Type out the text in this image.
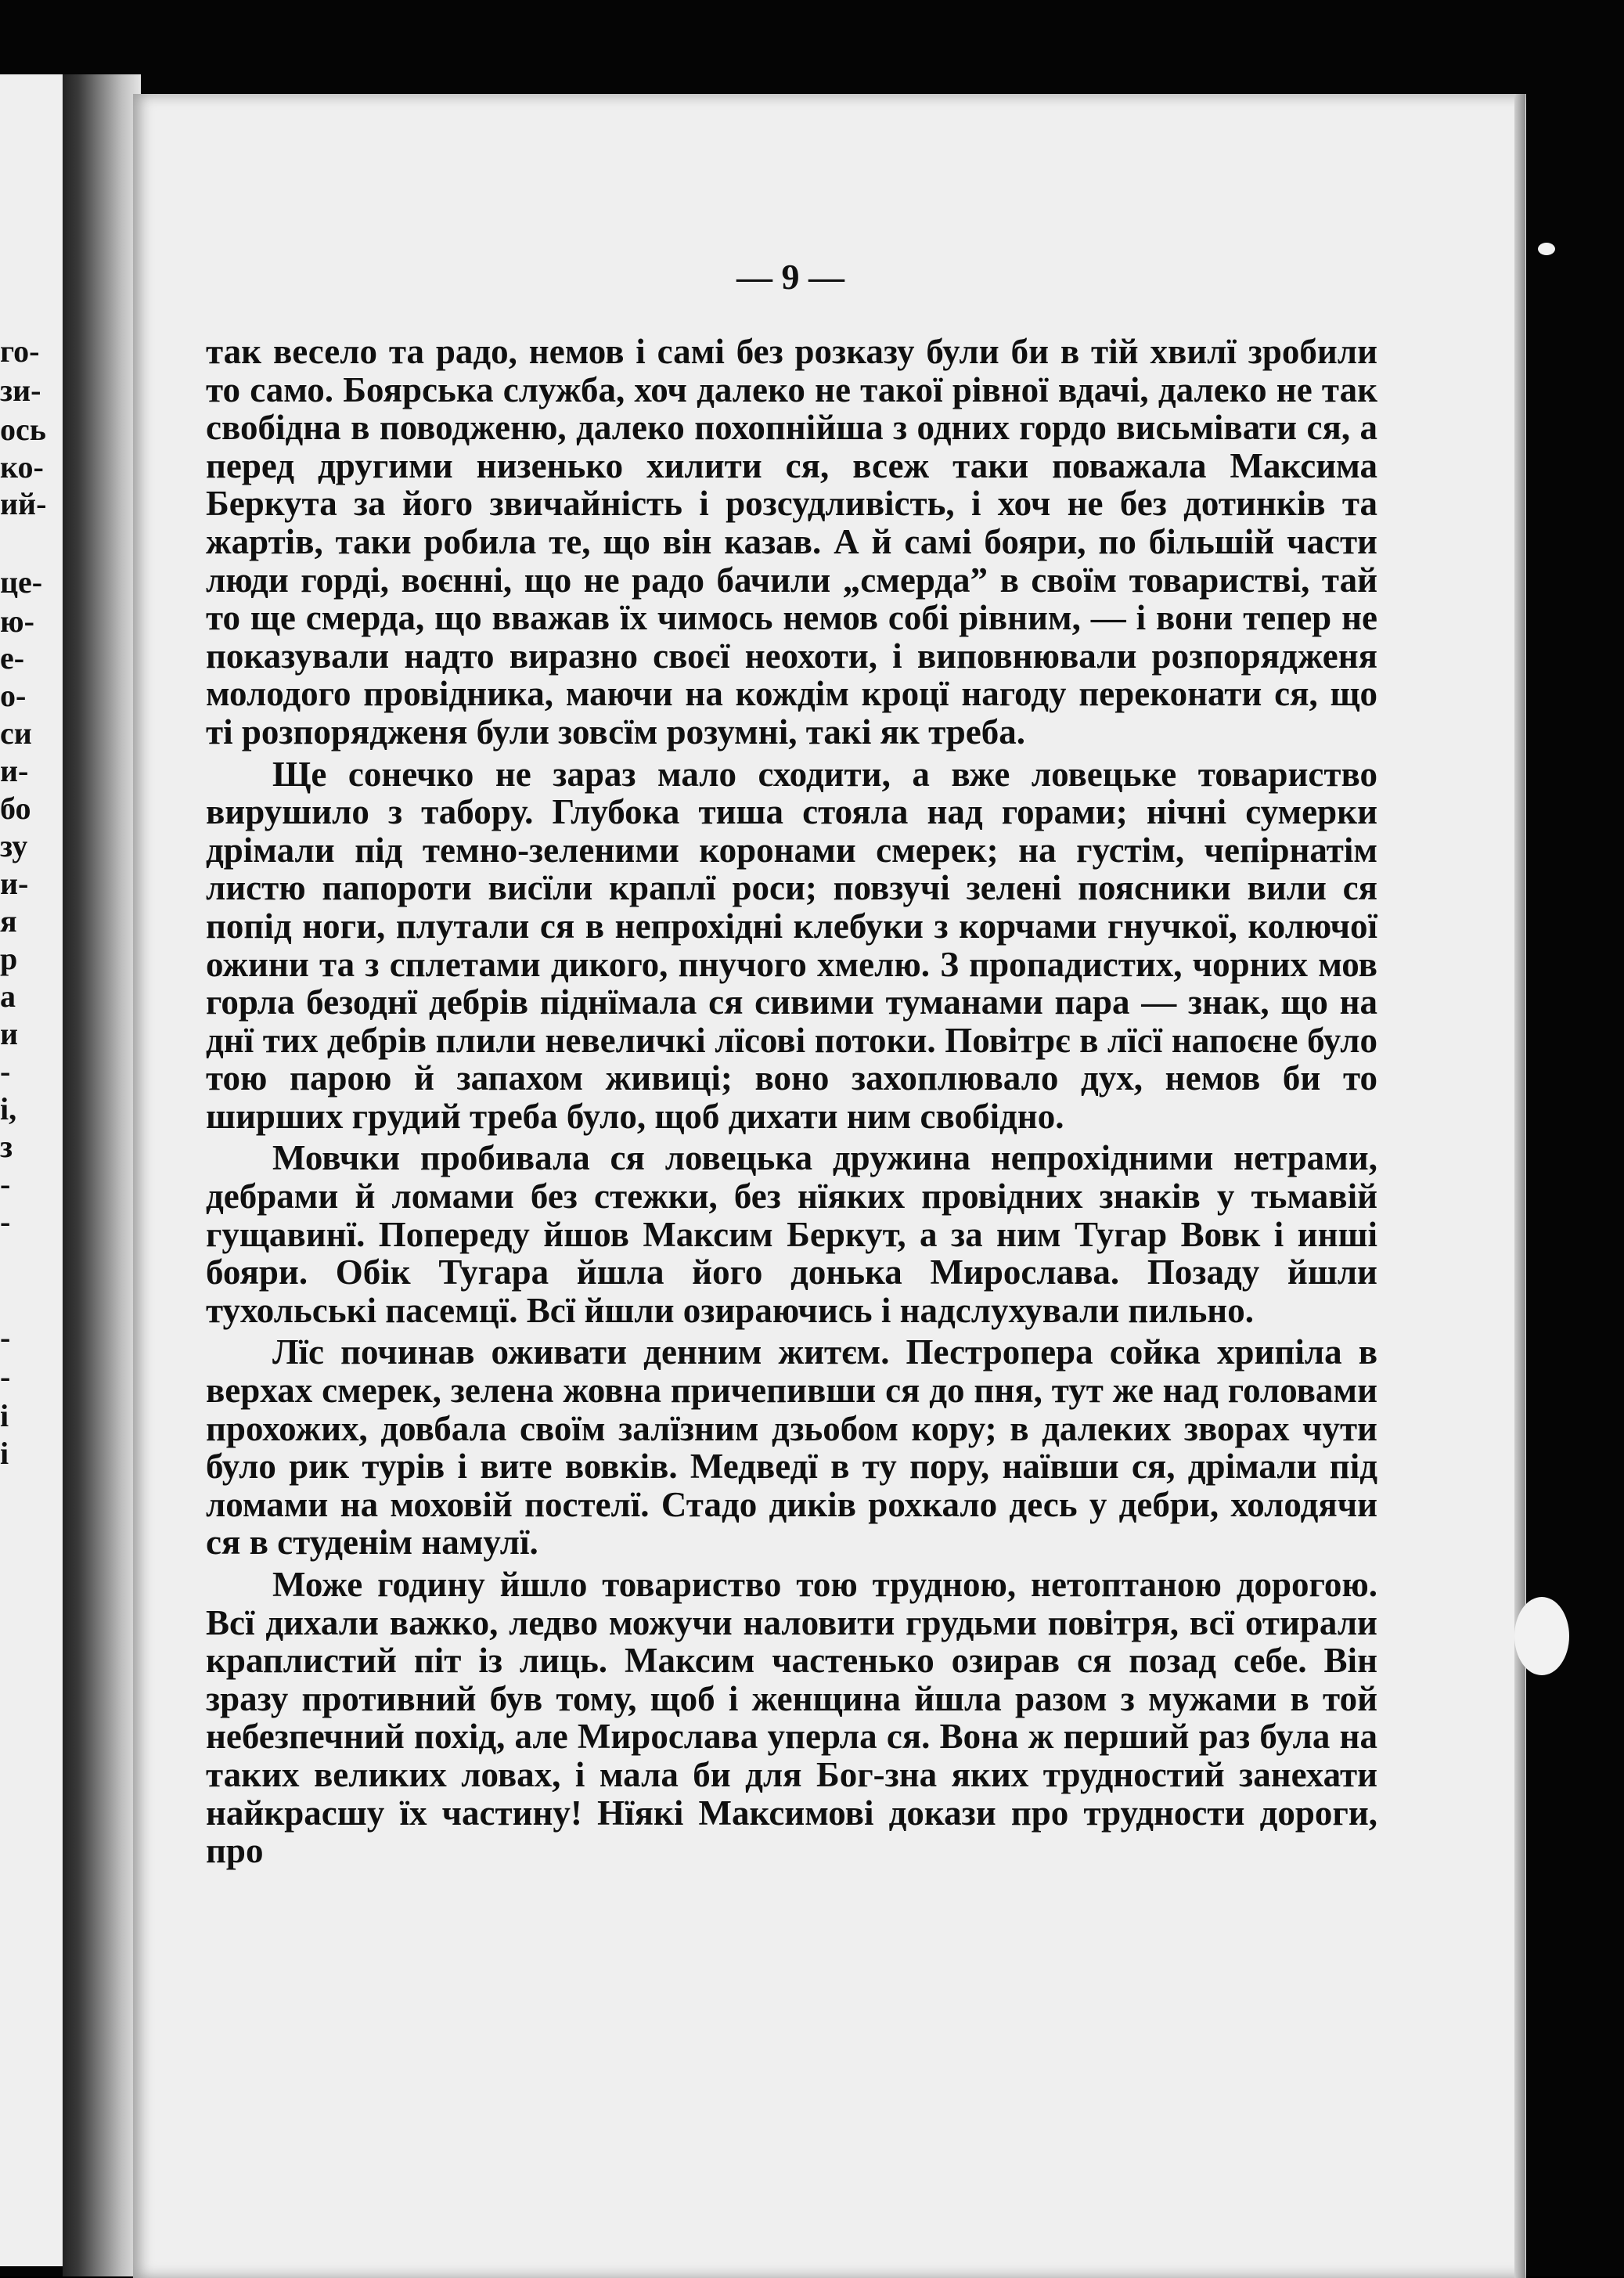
го-
зи-
ось
ко-
ий-
це-
ю-
е-
о-
си
и-
бо
зу
и-
я
р
а
и
-
і,
з
-
-
-
-
і
і
— 9 —

так весело та радо, немов і самі без розказу були би в тій хвилї зробили то само. Боярська служба, хоч далеко не такої рівної вдачі, далеко не так свобідна в поводженю, далеко похопнійша з одних гордо висьмівати ся, а перед другими низенько хилити ся, всеж таки поважала Максима Беркута за його звичайність і розсудливість, і хоч не без дотинків та жартів, таки робила те, що він казав. А й самі бояри, по більшій части люди горді, воєнні, що не радо бачили „смерда” в своїм товаристві, тай то ще смерда, що вважав їх чимось немов собі рівним, — і вони тепер не показували надто виразно своєї неохоти, і виповнювали розпорядженя молодого провідника, маючи на кождім кроцї нагоду переконати ся, що ті розпорядженя були зовсїм розумні, такі як треба.

Ще сонечко не зараз мало сходити, а вже ловецьке товариство вирушило з табору. Глубока тиша стояла над горами; нічні сумерки дрімали під темно-зеленими коронами смерек; на густім, чепірнатім листю папороти висїли краплї роси; повзучі зелені поясники вили ся попід ноги, плутали ся в непрохідні клебуки з корчами гнучкої, колючої ожини та з сплетами дикого, пнучого хмелю. З пропадистих, чорних мов горла безоднї дебрів піднїмала ся сивими туманами пара — знак, що на днї тих дебрів плили невеличкі лїсові потоки. Повітрє в лїсї напоєне було тою парою й запахом живиці; воно захоплювало дух, немов би то ширших грудий треба було, щоб дихати ним свобідно.

Мовчки пробивала ся ловецька дружина непрохідними нетрами, дебрами й ломами без стежки, без нїяких провідних знаків у тьмавій гущавинї. Попереду йшов Максим Беркут, а за ним Тугар Вовк і инші бояри. Обік Тугара йшла його донька Мирослава. Позаду йшли тухольські пасемцї. Всї йшли озираючись і надслухували пильно.

Лїс починав оживати денним житєм. Пестропера сойка хрипіла в верхах смерек, зелена жовна причепивши ся до пня, тут же над головами прохожих, довбала своїм залїзним дзьобом кору; в далеких зворах чути було рик турів і вите вовків. Медведї в ту пору, наївши ся, дрімали під ломами на моховій постелї. Стадо диків рохкало десь у дебри, холодячи ся в студенім намулї.

Може годину йшло товариство тою трудною, нетоптаною дорогою. Всї дихали важко, ледво можучи наловити грудьми повітря, всї отирали краплистий піт із лиць. Максим частенько озирав ся позад себе. Він зразу противний був тому, щоб і женщина йшла разом з мужами в той небезпечний похід, але Мирослава уперла ся. Вона ж перший раз була на таких великих ловах, і мала би для Бог-зна яких трудностий занехати найкрасшу їх частину! Нїякі Максимові докази про трудности дороги, про
